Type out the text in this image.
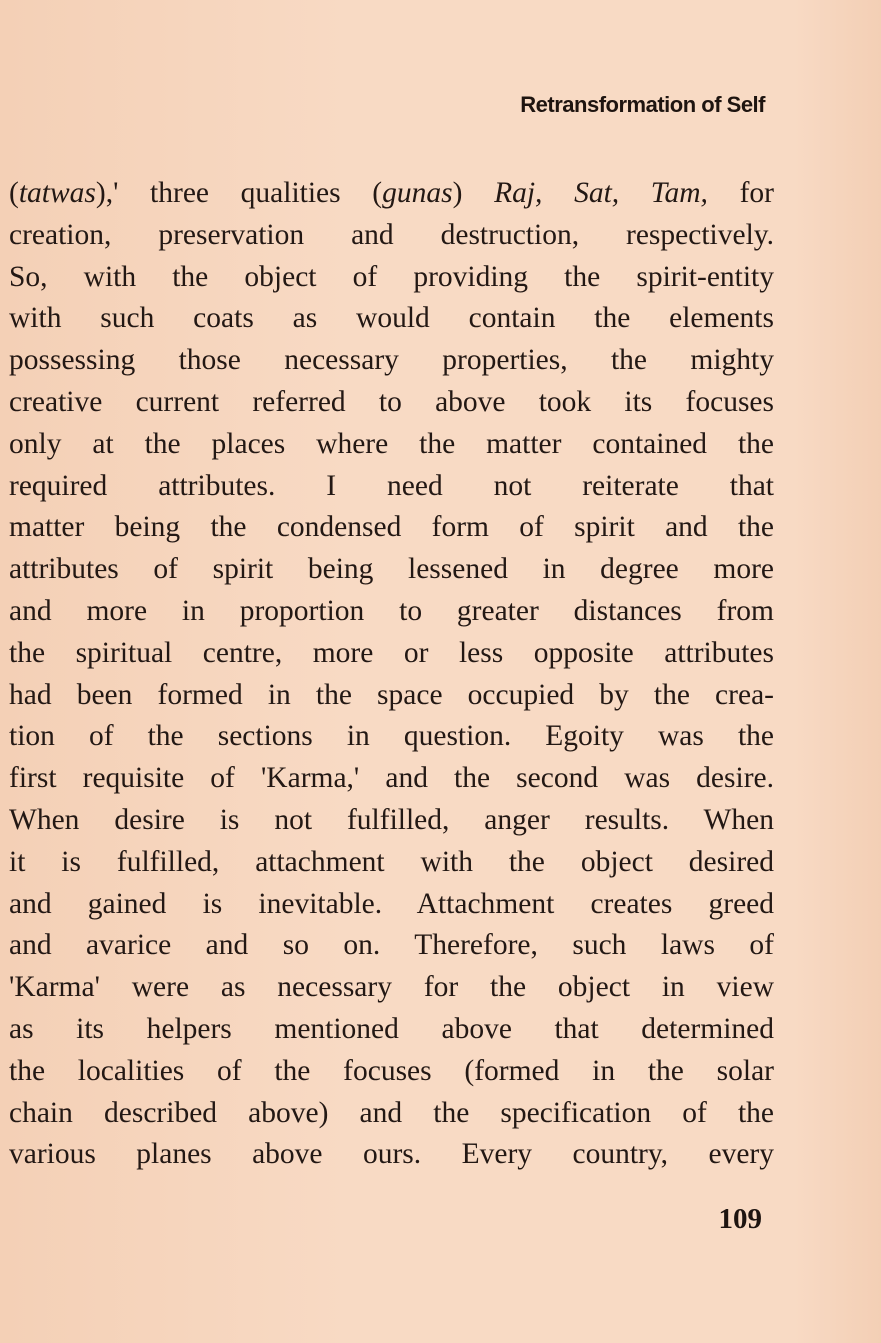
Retransformation of Self
(tatwas),' three qualities (gunas) Raj, Sat, Tam, for
creation, preservation and destruction, respectively.
So, with the object of providing the spirit-entity
with such coats as would contain the elements
possessing those necessary properties, the mighty
creative current referred to above took its focuses
only at the places where the matter contained the
required attributes. I need not reiterate that
matter being the condensed form of spirit and the
attributes of spirit being lessened in degree more
and more in proportion to greater distances from
the spiritual centre, more or less opposite attributes
had been formed in the space occupied by the crea-
tion of the sections in question. Egoity was the
first requisite of 'Karma,' and the second was desire.
When desire is not fulfilled, anger results. When
it is fulfilled, attachment with the object desired
and gained is inevitable. Attachment creates greed
and avarice and so on. Therefore, such laws of
'Karma' were as necessary for the object in view
as its helpers mentioned above that determined
the localities of the focuses (formed in the solar
chain described above) and the specification of the
various planes above ours. Every country, every
109
